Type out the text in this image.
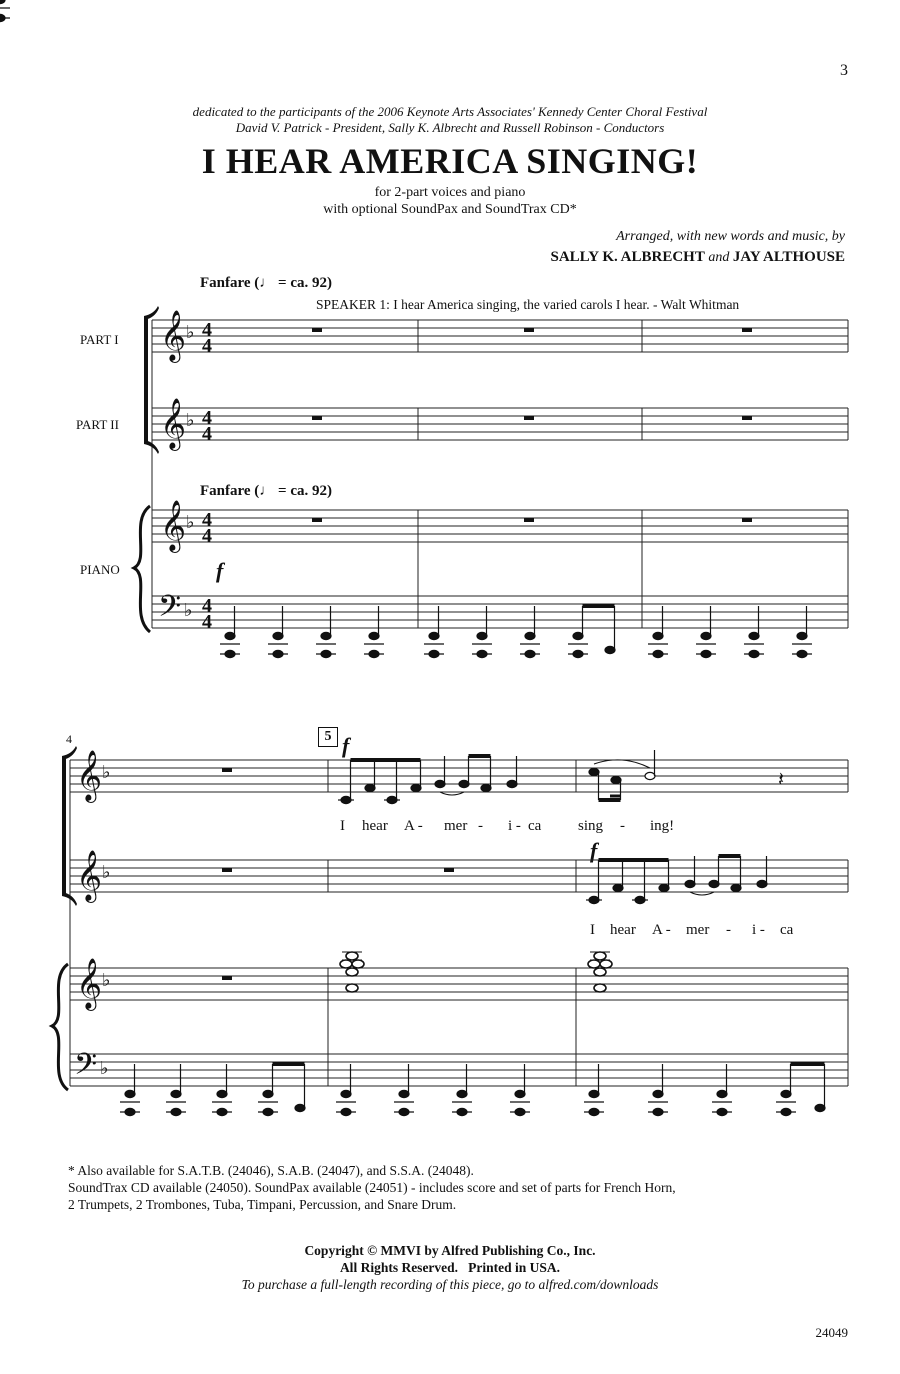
3
dedicated to the participants of the 2006 Keynote Arts Associates' Kennedy Center Choral Festival
David V. Patrick - President, Sally K. Albrecht and Russell Robinson - Conductors
I HEAR AMERICA SINGING!
for 2-part voices and piano
with optional SoundPax and SoundTrax CD*
Arranged, with new words and music, by
SALLY K. ALBRECHT and JAY ALTHOUSE
Fanfare (♩ = ca. 92)
SPEAKER 1: I hear America singing, the varied carols I hear. - Walt Whitman
PART I
PART II
Fanfare (♩ = ca. 92)
PIANO	f
4	5 f
f
I hear A - mer - i - ca sing - ing!
I hear A - mer - i - ca
𝄞
𝄞
𝄞
𝄢
♭
♭
♭
♭
4
4
4
4
4
4
4
4
𝄞
𝄞
𝄞
𝄢
♭
♭
♭
♭
𝄽
* Also available for S.A.T.B. (24046), S.A.B. (24047), and S.S.A. (24048).
SoundTrax CD available (24050). SoundPax available (24051) - includes score and set of parts for French Horn,
2 Trumpets, 2 Trombones, Tuba, Timpani, Percussion, and Snare Drum.
Copyright © MMVI by Alfred Publishing Co., Inc.
All Rights Reserved.   Printed in USA.
To purchase a full-length recording of this piece, go to alfred.com/downloads
24049
